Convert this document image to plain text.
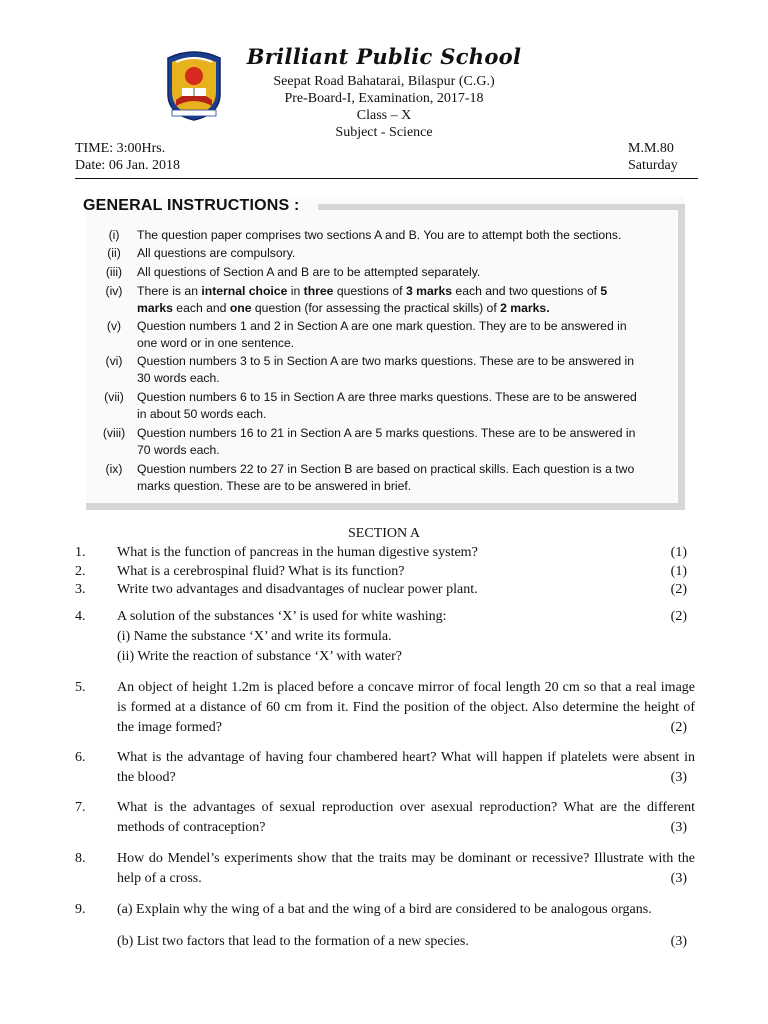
Brilliant Public School
Seepat Road Bahatarai, Bilaspur (C.G.)
Pre-Board-I, Examination, 2017-18
Class – X
Subject - Science
TIME: 3:00Hrs.
Date: 06 Jan. 2018
M.M.80
Saturday
GENERAL INSTRUCTIONS :
(i)	The question paper comprises two sections A and B. You are to attempt both the sections.
(ii)	All questions are compulsory.
(iii)	All questions of Section A and B are to be attempted separately.
(iv)	There is an internal choice in three questions of 3 marks each and two questions of 5
marks each and one question (for assessing the practical skills) of 2 marks.
(v)	Question numbers 1 and 2 in Section A are one mark question. They are to be answered in
one word or in one sentence.
(vi)	Question numbers 3 to 5 in Section A are two marks questions. These are to be answered in
30 words each.
(vii)	Question numbers 6 to 15 in Section A are three marks questions. These are to be answered
in about 50 words each.
(viii) Question numbers 16 to 21 in Section A are 5 marks questions. These are to be answered in
70 words each.
(ix)	Question numbers 22 to 27 in Section B are based on practical skills. Each question is a two
marks question. These are to be answered in brief.
SECTION A
1. What is the function of pancreas in the human digestive system?	(1)
2. What is a cerebrospinal fluid? What is its function?	(1)
3. Write two advantages and disadvantages of nuclear power plant.	(2)
4. A solution of the substances ‘X’ is used for white washing:
(i) Name the substance ‘X’ and write its formula.
(ii) Write the reaction of substance ‘X’ with water?
(2)
5. An object of height 1.2m is placed before a concave mirror of focal length 20 cm so that a real image
is formed at a distance of 60 cm from it. Find the position of the object. Also determine the height of
the image formed?	(2)
6. What is the advantage of having four chambered heart? What will happen if platelets were absent in
the blood?	(3)
7. What is the advantages of sexual reproduction over asexual reproduction? What are the different
methods of contraception?	(3)
8. How do Mendel’s experiments show that the traits may be dominant or recessive? Illustrate with the
help of a cross.	(3)
9. (a) Explain why the wing of a bat and the wing of a bird are considered to be analogous organs.
(b) List two factors that lead to the formation of a new species.	(3)
